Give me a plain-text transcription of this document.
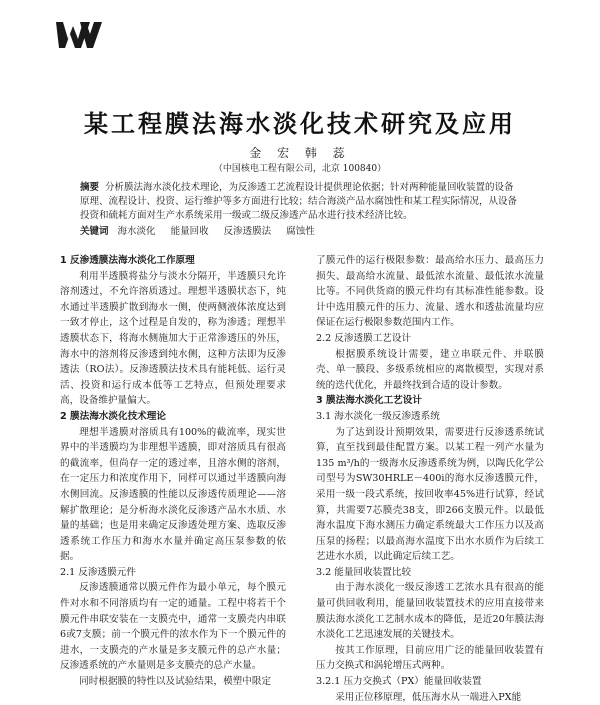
某工程膜法海水淡化技术研究及应用
金 宏 韩 蕊
（中国核电工程有限公司，北京 100840）
摘要 分析膜法海水淡化技术理论，为反渗透工艺流程设计提供理论依据；针对两种能量回收装置的设备原理、流程设计、投资、运行维护等多方面进行比较；结合海淡产品水腐蚀性和某工程实际情况，从设备投资和硫耗方面对生产水系统采用一级或二级反渗透产品水进行技术经济比较。
关键词 海水淡化 能量回收 反渗透膜法 腐蚀性
1 反渗透膜法海水淡化工作原理

利用半透膜将盐分与淡水分隔开，半透膜只允许溶剂透过，不允许溶质透过。理想半透膜状态下，纯水通过半透膜扩散到海水一侧，使两侧液体浓度达到一致才停止，这个过程是自发的，称为渗透；理想半透膜状态下，将海水侧施加大于正常渗透压的外压，海水中的溶剂将反渗透到纯水侧，这种方法即为反渗透法（RO法）。反渗透膜法技术具有能耗低、运行灵活、投资和运行成本低等工艺特点，但预处理要求高，设备维护量偏大。

2 膜法海水淡化技术理论

理想半透膜对溶质具有100%的截流率，现实世界中的半透膜均为非理想半透膜，即对溶质具有很高的截流率，但尚存一定的透过率，且溶水侧的溶剂，在一定压力和浓度作用下，同样可以通过半透膜向海水侧回流。反渗透膜的性能以反渗透传质理论——溶解扩散理论；是分析海水淡化反渗透产品水水质、水量的基础；也是用来确定反渗透处理方案、选取反渗透系统工作压力和海水水量并确定高压泵参数的依据。

2.1 反渗透膜元件

反渗透膜通常以膜元件作为最小单元，每个膜元件对水和不同溶质均有一定的通量。工程中将若干个膜元件串联安装在一支膜壳中，通常一支膜壳内串联6或7支膜；前一个膜元件的浓水作为下一个膜元件的进水，一支膜壳的产水量是多支膜元件的总产水量；反渗透系统的产水量则是多支膜壳的总产水量。

同时根据膜的特性以及试验结果，模塑中限定

了膜元件的运行极限参数：最高给水压力、最高压力损失、最高给水流量、最低浓水流量、最低浓水流量比等。不同供货商的膜元件均有其标准性能参数。设计中选用膜元件的压力、流量、透水和透盐流量均应保证在运行极限参数范围内工作。

2.2 反渗透膜工艺设计

根据膜系统设计需要，建立串联元件、并联膜壳、单一膜段、多级系统相应的离散模型，实现对系统的迭代优化，并最终找到合适的设计参数。

3 膜法海水淡化工艺设计
3.1 海水淡化一级反渗透系统

为了达到设计预期效果，需要进行反渗透系统试算，直至找到最佳配置方案。以某工程一列产水量为135 m³/h的一级海水反渗透系统为例，以陶氏化学公司型号为SW30HRLE－400i的海水反渗透膜元件，采用一级一段式系统，按回收率45%进行试算，经试算，共需要7芯膜壳38支，即266支膜元件。以最低海水温度下海水测压力确定系统最大工作压力以及高压泵的扬程；以最高海水温度下出水水质作为后续工艺进水水质，以此确定后续工艺。

3.2 能量回收装置比较

由于海水淡化一级反渗透工艺浓水具有很高的能量可供回收利用，能量回收装置技术的应用直接带来膜法海水淡化工艺制水成本的降低，是近20年膜法海水淡化工艺迅速发展的关键技术。

按其工作原理，目前应用广泛的能量回收装置有压力交换式和涡轮增压式两种。

3.2.1 压力交换式（PX）能量回收装置

采用正位移原理，低压海水从一端进入PX能
